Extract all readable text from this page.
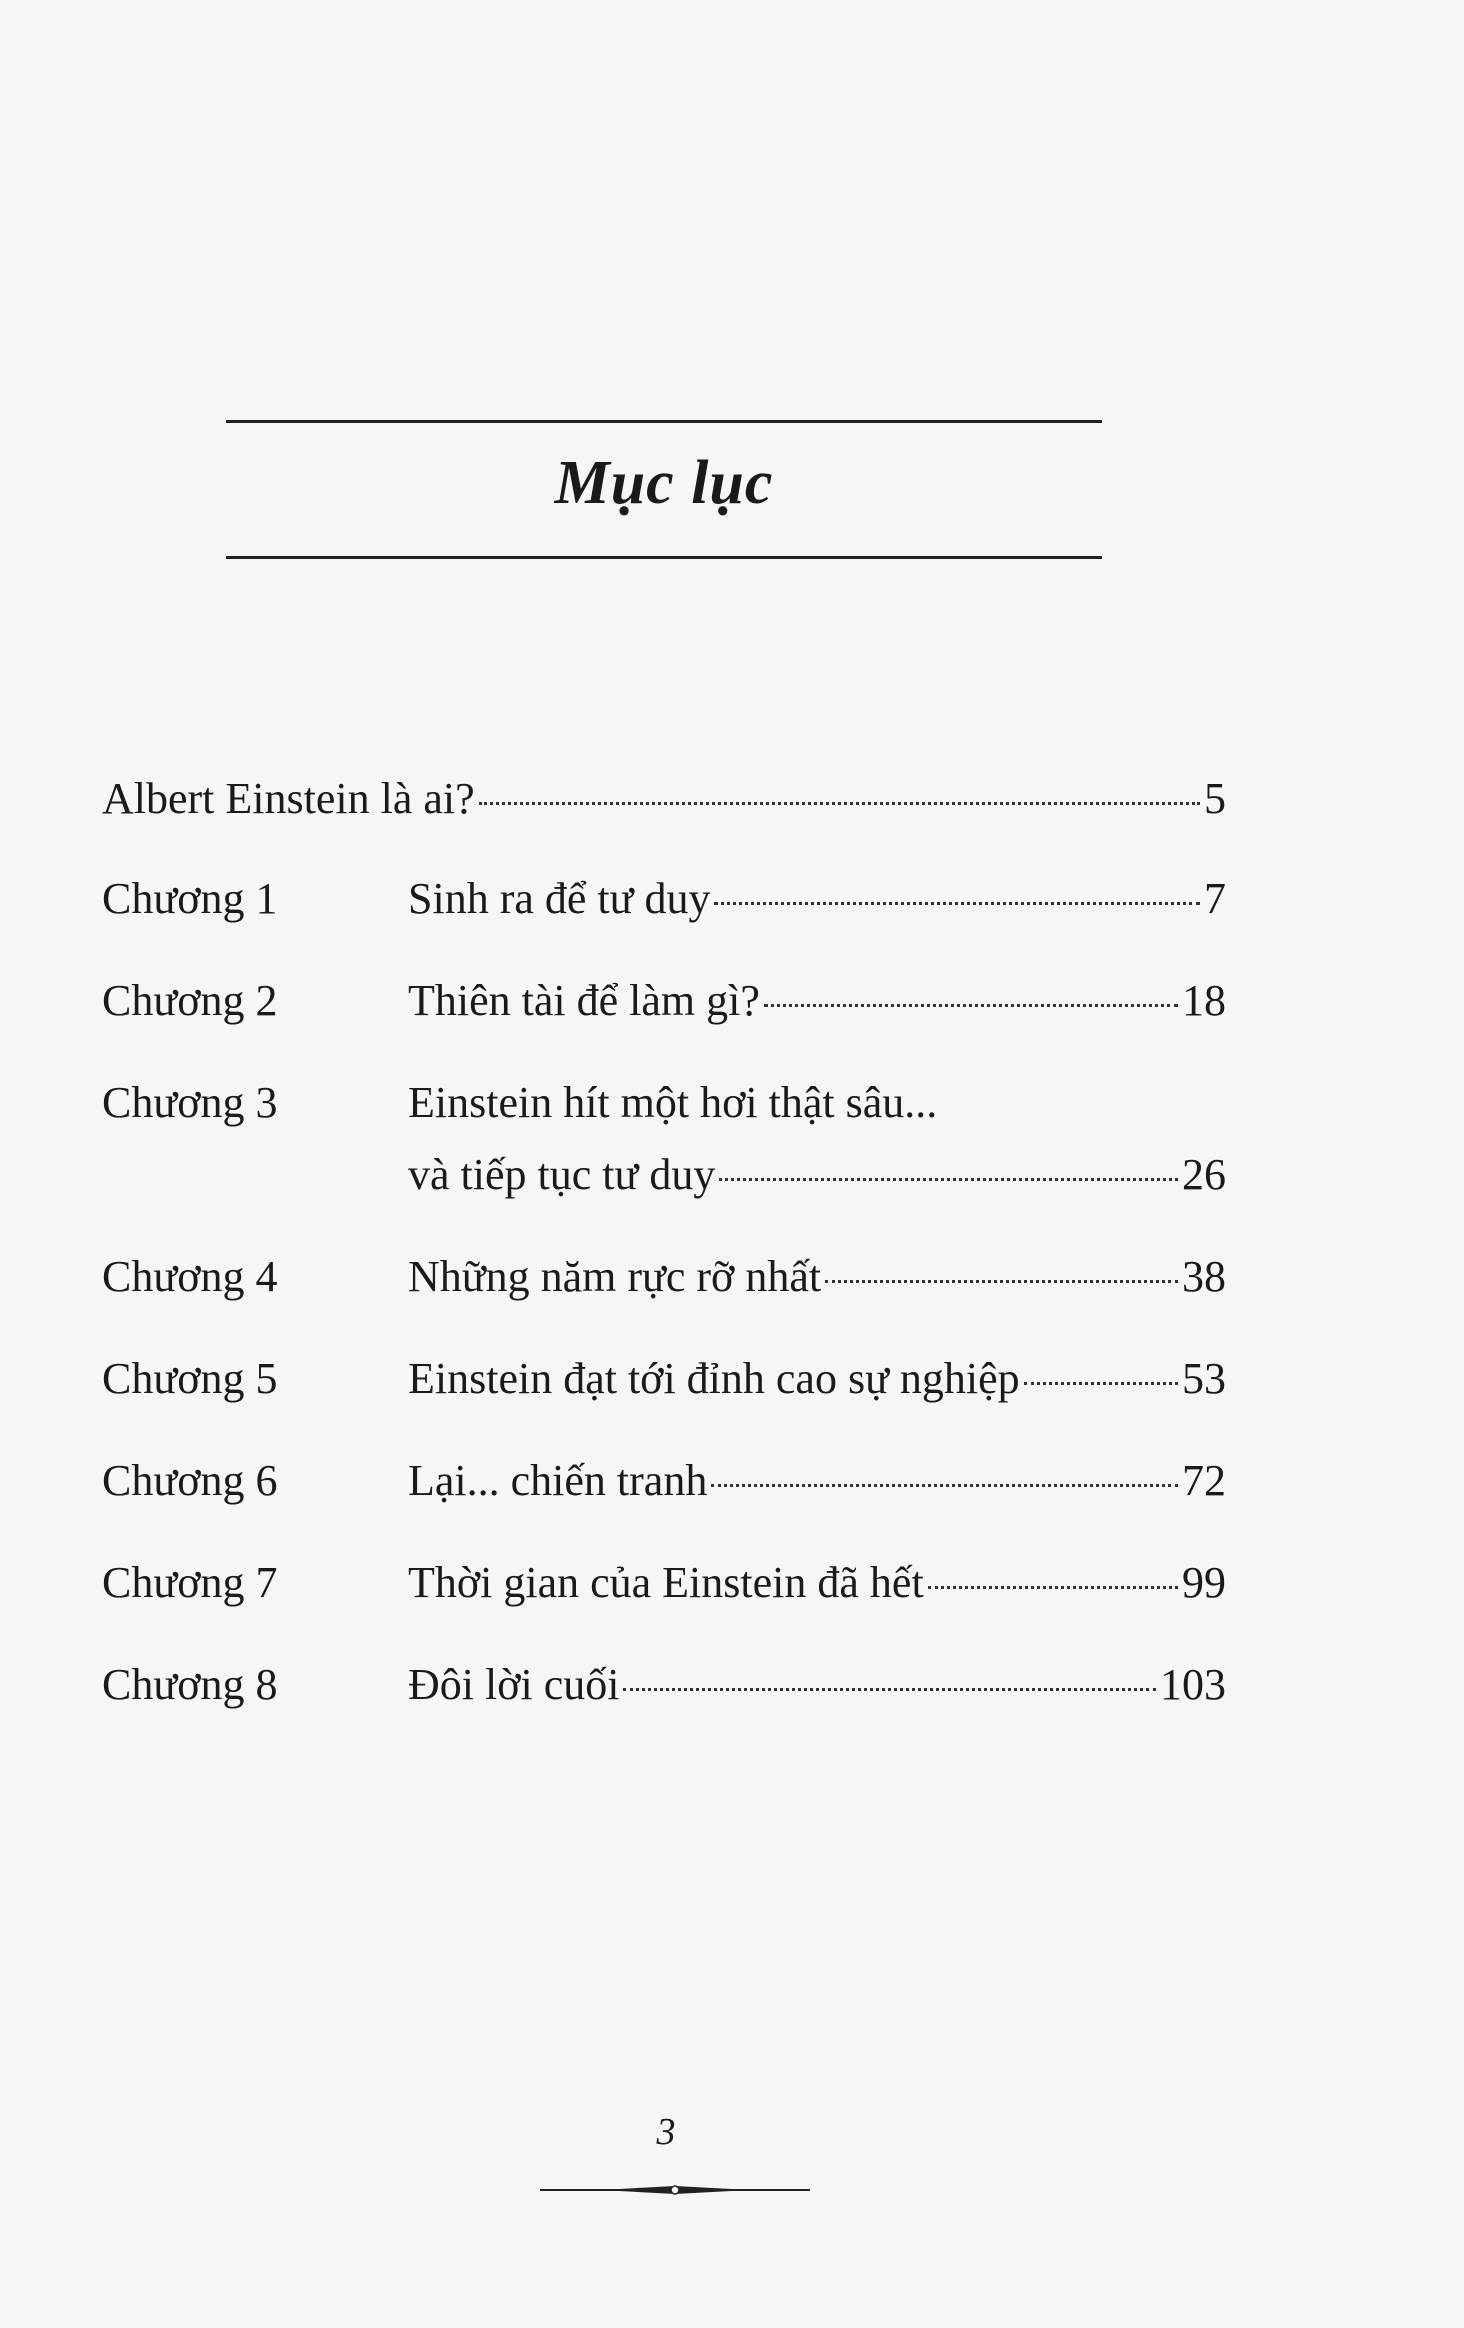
Mục lục
Albert Einstein là ai?	5
Chương 1	Sinh ra để tư duy	7
Chương 2	Thiên tài để làm gì?	18
Chương 3	Einstein hít một hơi thật sâu...
và tiếp tục tư duy	26
Chương 4	Những năm rực rỡ nhất	38
Chương 5	Einstein đạt tới đỉnh cao sự nghiệp	53
Chương 6	Lại... chiến tranh	72
Chương 7	Thời gian của Einstein đã hết	99
Chương 8	Đôi lời cuối	103
3
